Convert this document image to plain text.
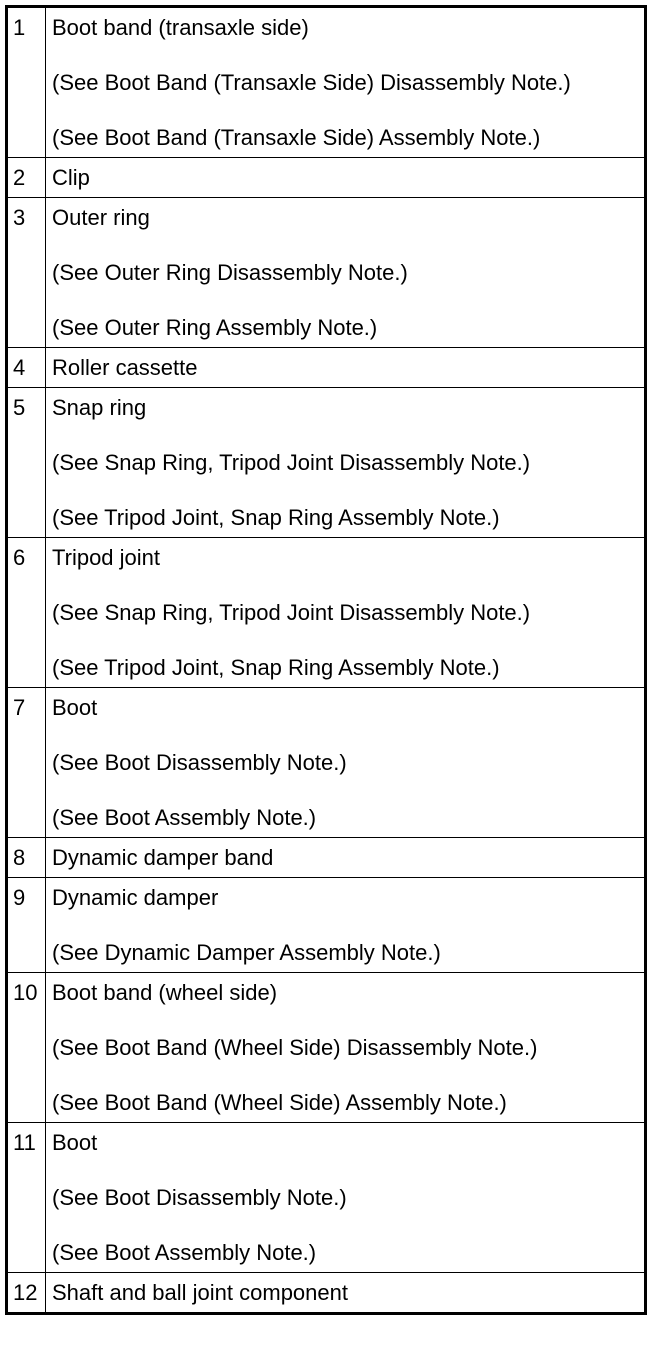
1	Boot band (transaxle side)
(See Boot Band (Transaxle Side) Disassembly Note.)
(See Boot Band (Transaxle Side) Assembly Note.)
2	Clip
3	Outer ring
(See Outer Ring Disassembly Note.)
(See Outer Ring Assembly Note.)
4	Roller cassette
5	Snap ring
(See Snap Ring, Tripod Joint Disassembly Note.)
(See Tripod Joint, Snap Ring Assembly Note.)
6	Tripod joint
(See Snap Ring, Tripod Joint Disassembly Note.)
(See Tripod Joint, Snap Ring Assembly Note.)
7	Boot
(See Boot Disassembly Note.)
(See Boot Assembly Note.)
8	Dynamic damper band
9	Dynamic damper
(See Dynamic Damper Assembly Note.)
10 Boot band (wheel side)
(See Boot Band (Wheel Side) Disassembly Note.)
(See Boot Band (Wheel Side) Assembly Note.)
11 Boot
(See Boot Disassembly Note.)
(See Boot Assembly Note.)
12 Shaft and ball joint component
